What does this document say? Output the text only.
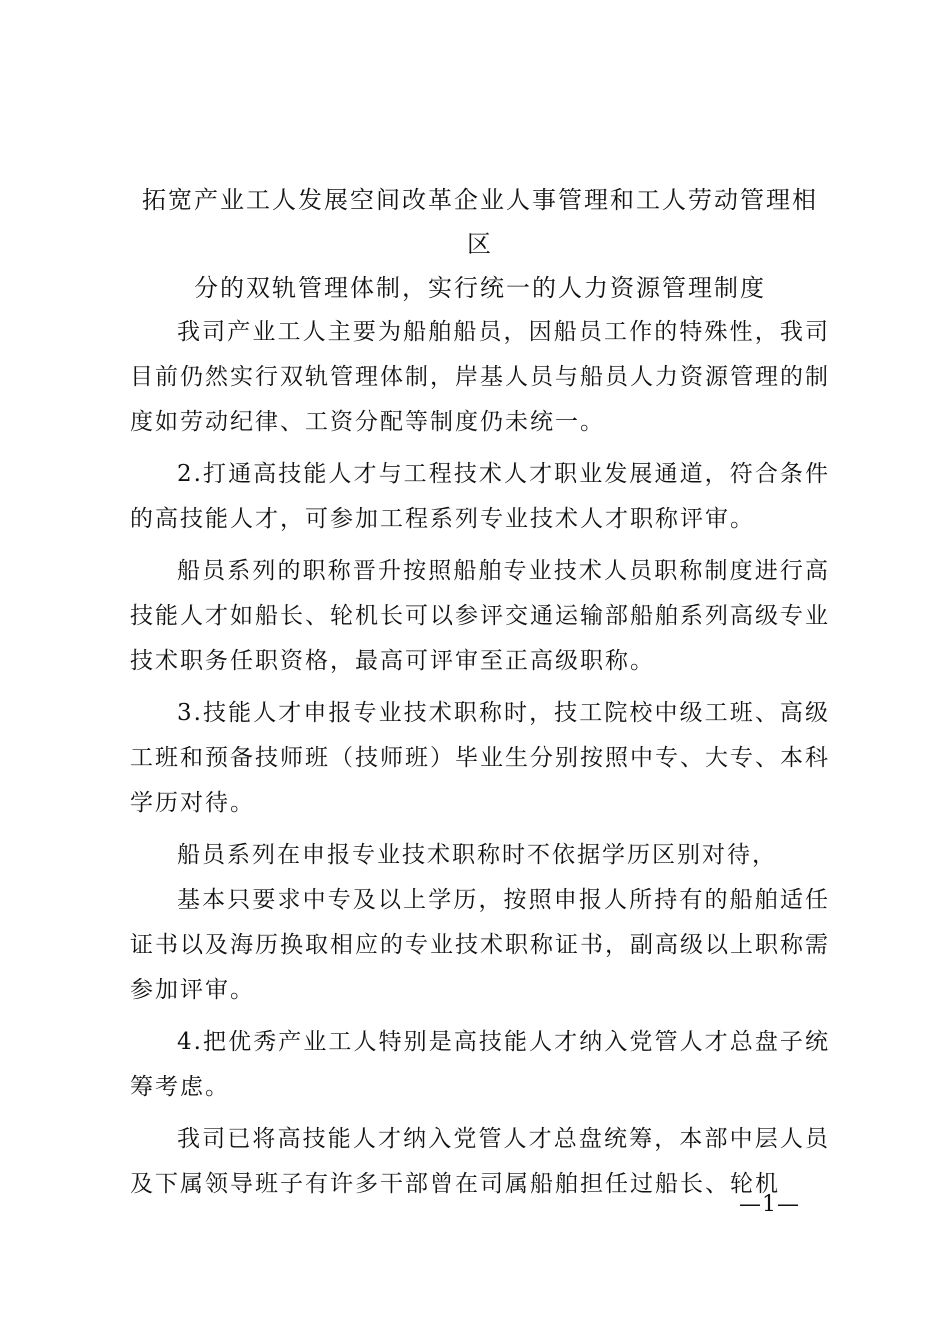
拓宽产业工人发展空间改革企业人事管理和工人劳动管理相区
分的双轨管理体制，实行统一的人力资源管理制度

我司产业工人主要为船舶船员，因船员工作的特殊性，我司目前仍然实行双轨管理体制，岸基人员与船员人力资源管理的制度如劳动纪律、工资分配等制度仍未统一。

2.打通高技能人才与工程技术人才职业发展通道，符合条件的高技能人才，可参加工程系列专业技术人才职称评审。

船员系列的职称晋升按照船舶专业技术人员职称制度进行高技能人才如船长、轮机长可以参评交通运输部船舶系列高级专业技术职务任职资格，最高可评审至正高级职称。

3.技能人才申报专业技术职称时，技工院校中级工班、高级工班和预备技师班（技师班）毕业生分别按照中专、大专、本科学历对待。

船员系列在申报专业技术职称时不依据学历区别对待，

基本只要求中专及以上学历，按照申报人所持有的船舶适任证书以及海历换取相应的专业技术职称证书，副高级以上职称需参加评审。

4.把优秀产业工人特别是高技能人才纳入党管人才总盘子统筹考虑。

我司已将高技能人才纳入党管人才总盘统筹，本部中层人员及下属领导班子有许多干部曾在司属船舶担任过船长、轮机

—1—
